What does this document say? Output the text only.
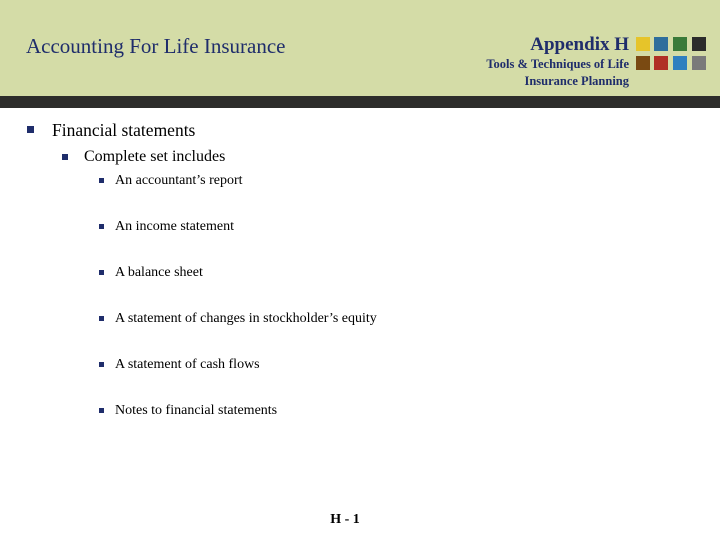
Accounting For Life Insurance	Appendix H
Tools & Techniques of Life
Insurance Planning
Financial statements
Complete set includes
An accountant’s report
An income statement
A balance sheet
A statement of changes in stockholder’s equity
A statement of cash flows
Notes to financial statements
H - 1
